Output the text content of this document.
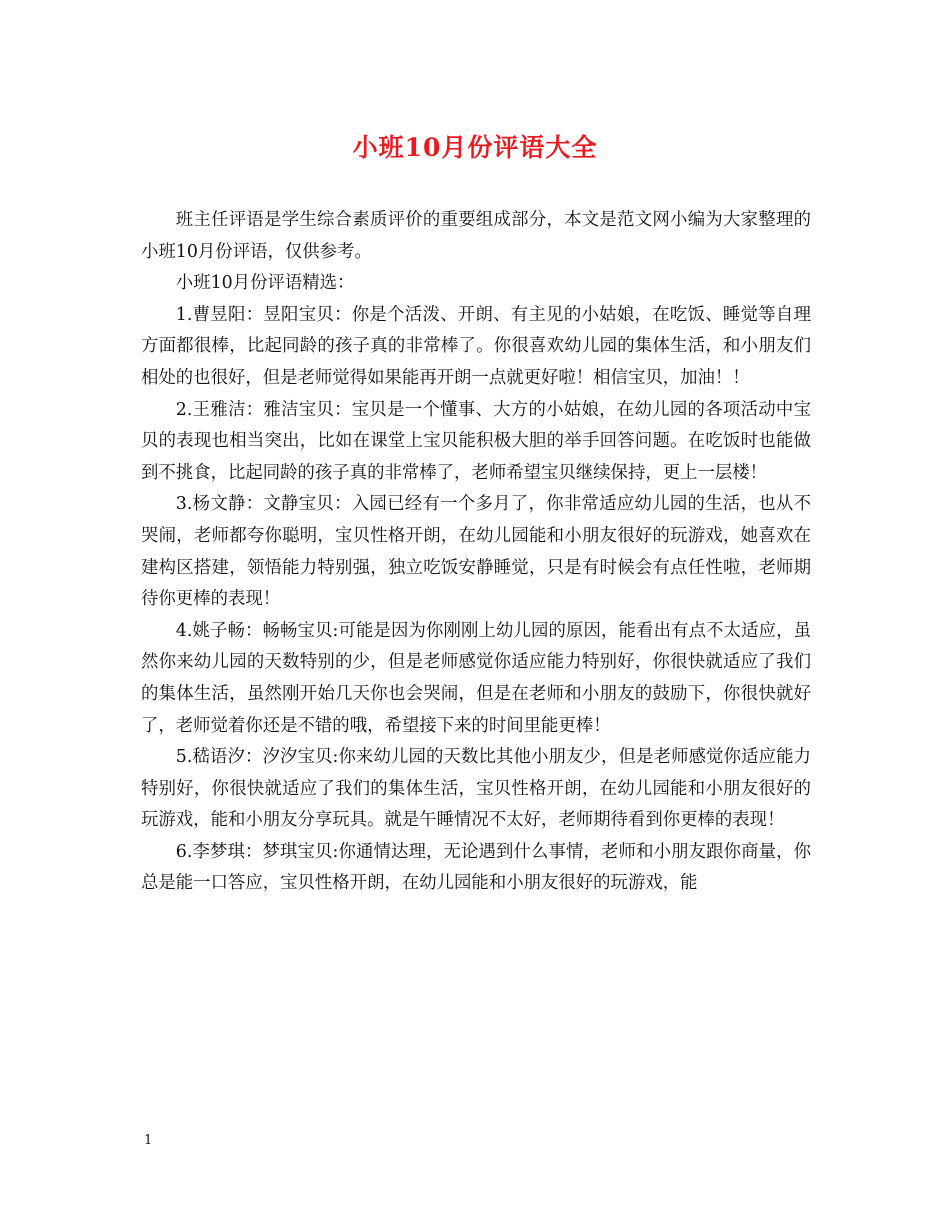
小班10月份评语大全

班主任评语是学生综合素质评价的重要组成部分，本文是范文网小编为大家整理的小班10月份评语，仅供参考。

小班10月份评语精选：

1.曹昱阳：昱阳宝贝：你是个活泼、开朗、有主见的小姑娘，在吃饭、睡觉等自理方面都很棒，比起同龄的孩子真的非常棒了。你很喜欢幼儿园的集体生活，和小朋友们相处的也很好，但是老师觉得如果能再开朗一点就更好啦！相信宝贝，加油！！

2.王雅洁：雅洁宝贝：宝贝是一个懂事、大方的小姑娘，在幼儿园的各项活动中宝贝的表现也相当突出，比如在课堂上宝贝能积极大胆的举手回答问题。在吃饭时也能做到不挑食，比起同龄的孩子真的非常棒了，老师希望宝贝继续保持，更上一层楼！

3.杨文静：文静宝贝：入园已经有一个多月了，你非常适应幼儿园的生活，也从不哭闹，老师都夸你聪明，宝贝性格开朗，在幼儿园能和小朋友很好的玩游戏，她喜欢在建构区搭建，领悟能力特别强，独立吃饭安静睡觉，只是有时候会有点任性啦，老师期待你更棒的表现！

4.姚子畅：畅畅宝贝:可能是因为你刚刚上幼儿园的原因，能看出有点不太适应，虽然你来幼儿园的天数特别的少，但是老师感觉你适应能力特别好，你很快就适应了我们的集体生活，虽然刚开始几天你也会哭闹，但是在老师和小朋友的鼓励下，你很快就好了，老师觉着你还是不错的哦，希望接下来的时间里能更棒！

5.嵇语汐：汐汐宝贝:你来幼儿园的天数比其他小朋友少，但是老师感觉你适应能力特别好，你很快就适应了我们的集体生活，宝贝性格开朗，在幼儿园能和小朋友很好的玩游戏，能和小朋友分享玩具。就是午睡情况不太好，老师期待看到你更棒的表现！

6.李梦琪：梦琪宝贝:你通情达理，无论遇到什么事情，老师和小朋友跟你商量，你总是能一口答应，宝贝性格开朗，在幼儿园能和小朋友很好的玩游戏，能

1
